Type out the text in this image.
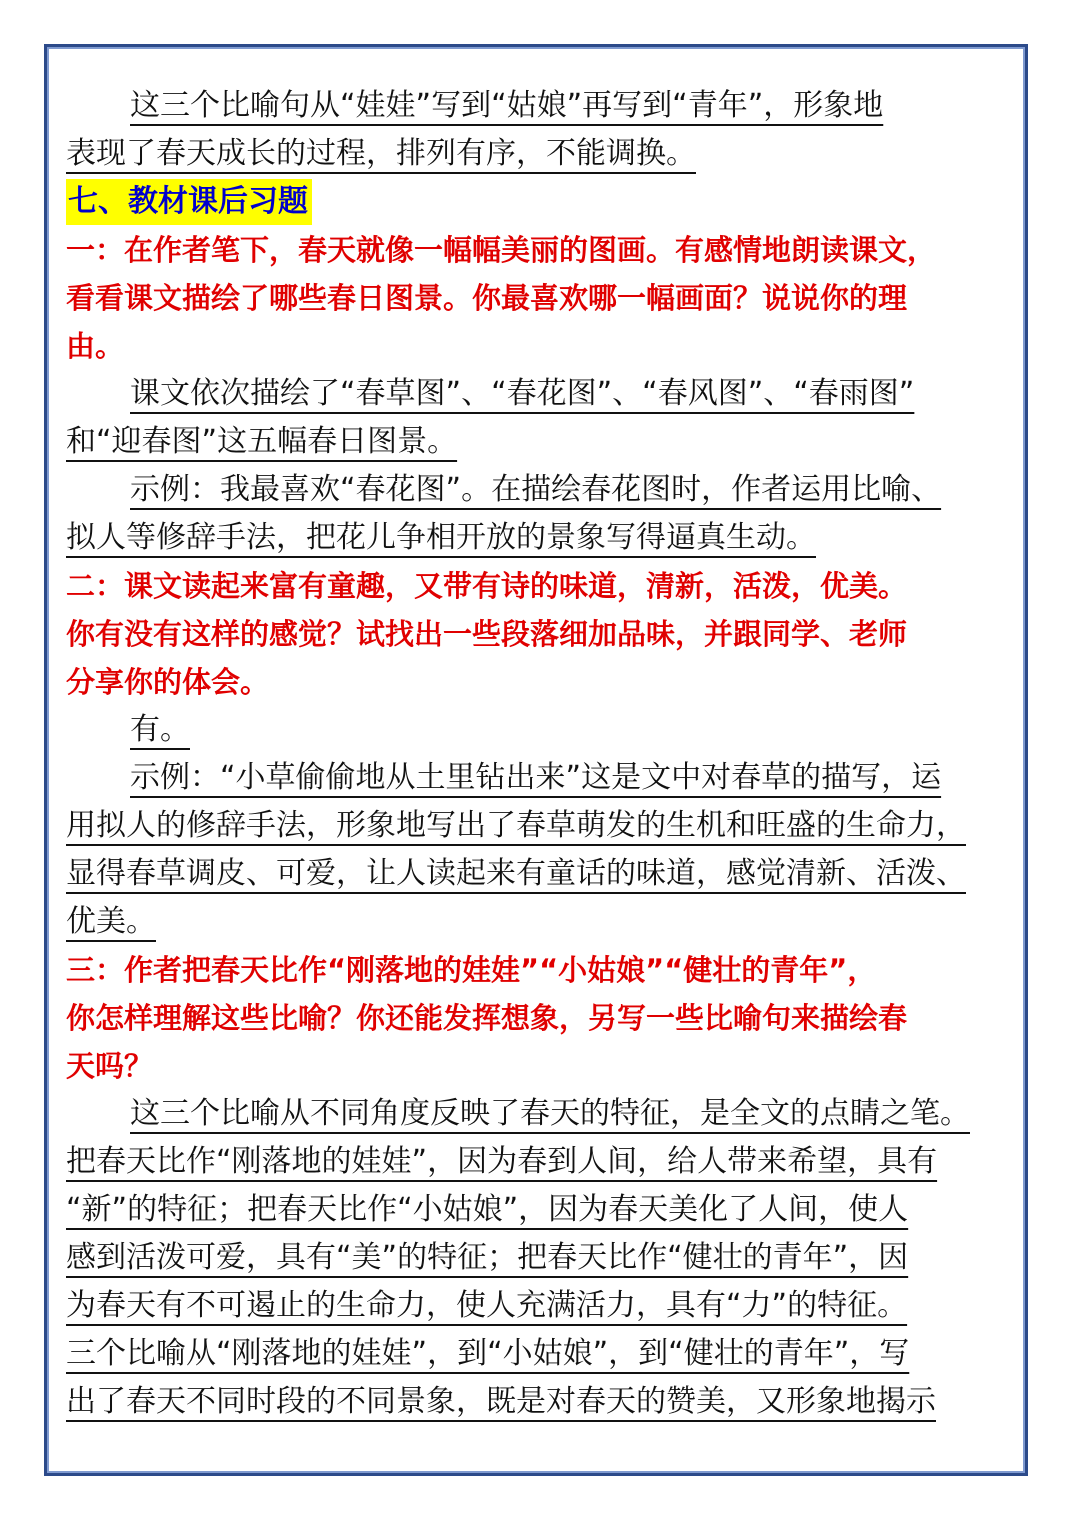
这三个比喻句从“娃娃”写到“姑娘”再写到“青年”，形象地
表现了春天成长的过程，排列有序，不能调换。
七、教材课后习题
一：在作者笔下，春天就像一幅幅美丽的图画。有感情地朗读课文，
看看课文描绘了哪些春日图景。你最喜欢哪一幅画面？说说你的理
由。
课文依次描绘了“春草图”、“春花图”、“春风图”、“春雨图”
和“迎春图”这五幅春日图景。
示例：我最喜欢“春花图”。在描绘春花图时，作者运用比喻、
拟人等修辞手法，把花儿争相开放的景象写得逼真生动。
二：课文读起来富有童趣，又带有诗的味道，清新，活泼，优美。
你有没有这样的感觉？试找出一些段落细加品味，并跟同学、老师
分享你的体会。
有。
示例：“小草偷偷地从土里钻出来”这是文中对春草的描写，运
用拟人的修辞手法，形象地写出了春草萌发的生机和旺盛的生命力，
显得春草调皮、可爱，让人读起来有童话的味道，感觉清新、活泼、
优美。
三：作者把春天比作“刚落地的娃娃”“小姑娘”“健壮的青年”，
你怎样理解这些比喻？你还能发挥想象，另写一些比喻句来描绘春
天吗？
这三个比喻从不同角度反映了春天的特征，是全文的点睛之笔。
把春天比作“刚落地的娃娃”，因为春到人间，给人带来希望，具有
“新”的特征；把春天比作“小姑娘”，因为春天美化了人间，使人
感到活泼可爱，具有“美”的特征；把春天比作“健壮的青年”，因
为春天有不可遏止的生命力，使人充满活力，具有“力”的特征。
三个比喻从“刚落地的娃娃”，到“小姑娘”，到“健壮的青年”，写
出了春天不同时段的不同景象，既是对春天的赞美，又形象地揭示
